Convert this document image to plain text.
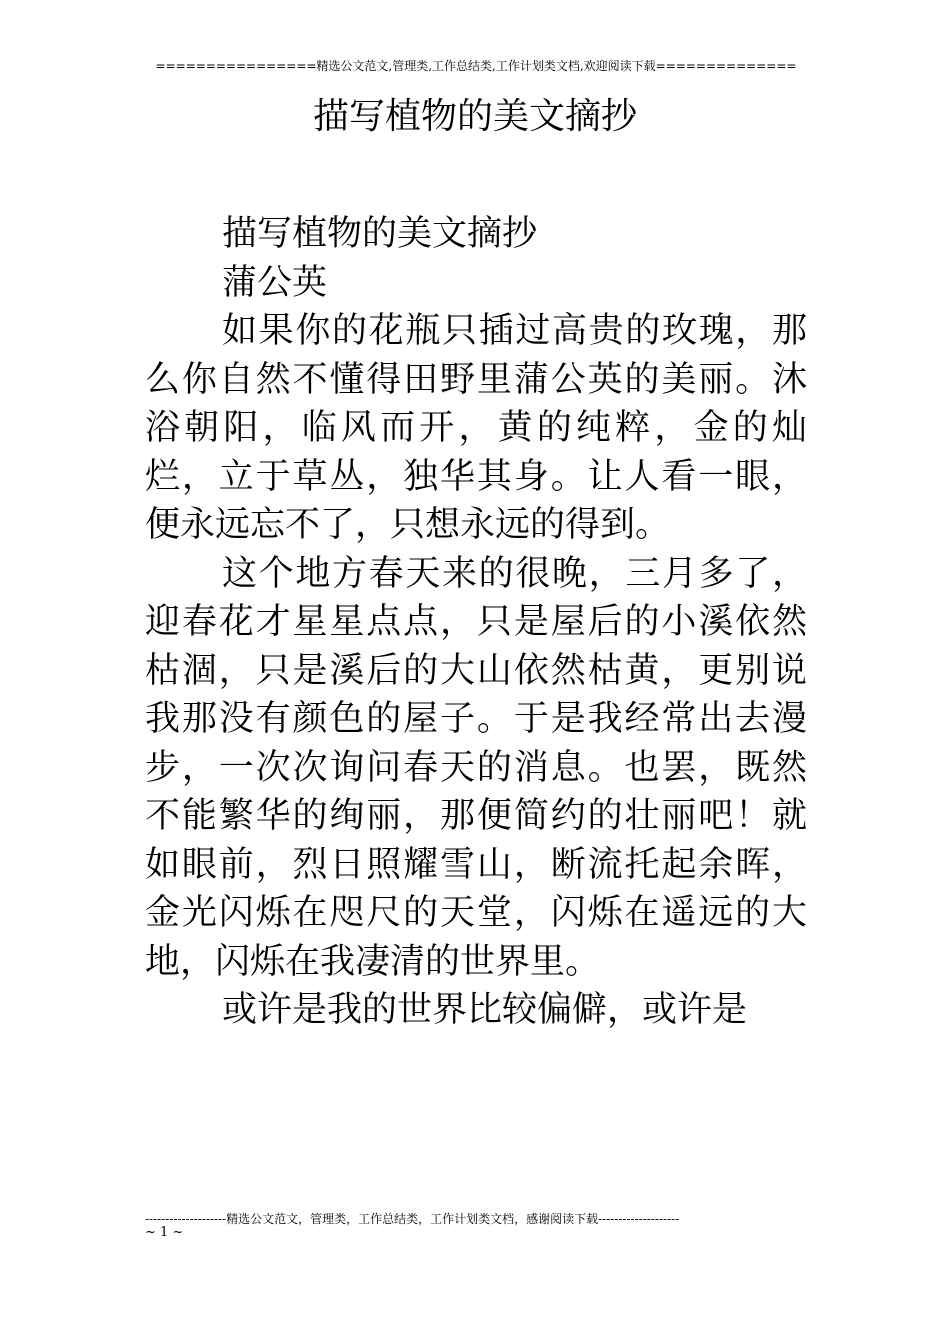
================精选公文范文,管理类,工作总结类,工作计划类文档,欢迎阅读下载==============
描写植物的美文摘抄

描写植物的美文摘抄

蒲公英

如果你的花瓶只插过高贵的玫瑰，那么你自然不懂得田野里蒲公英的美丽。沐浴朝阳，临风而开，黄的纯粹，金的灿烂，立于草丛，独华其身。让人看一眼，便永远忘不了，只想永远的得到。

这个地方春天来的很晚，三月多了，迎春花才星星点点，只是屋后的小溪依然枯涸，只是溪后的大山依然枯黄，更别说我那没有颜色的屋子。于是我经常出去漫步，一次次询问春天的消息。也罢，既然不能繁华的绚丽，那便简约的壮丽吧！就如眼前，烈日照耀雪山，断流托起余晖，金光闪烁在咫尺的天堂，闪烁在遥远的大地，闪烁在我凄清的世界里。

或许是我的世界比较偏僻，或许是

--------------------精选公文范文，管理类，工作总结类，工作计划类文档，感谢阅读下载--------------------
~ 1 ~
